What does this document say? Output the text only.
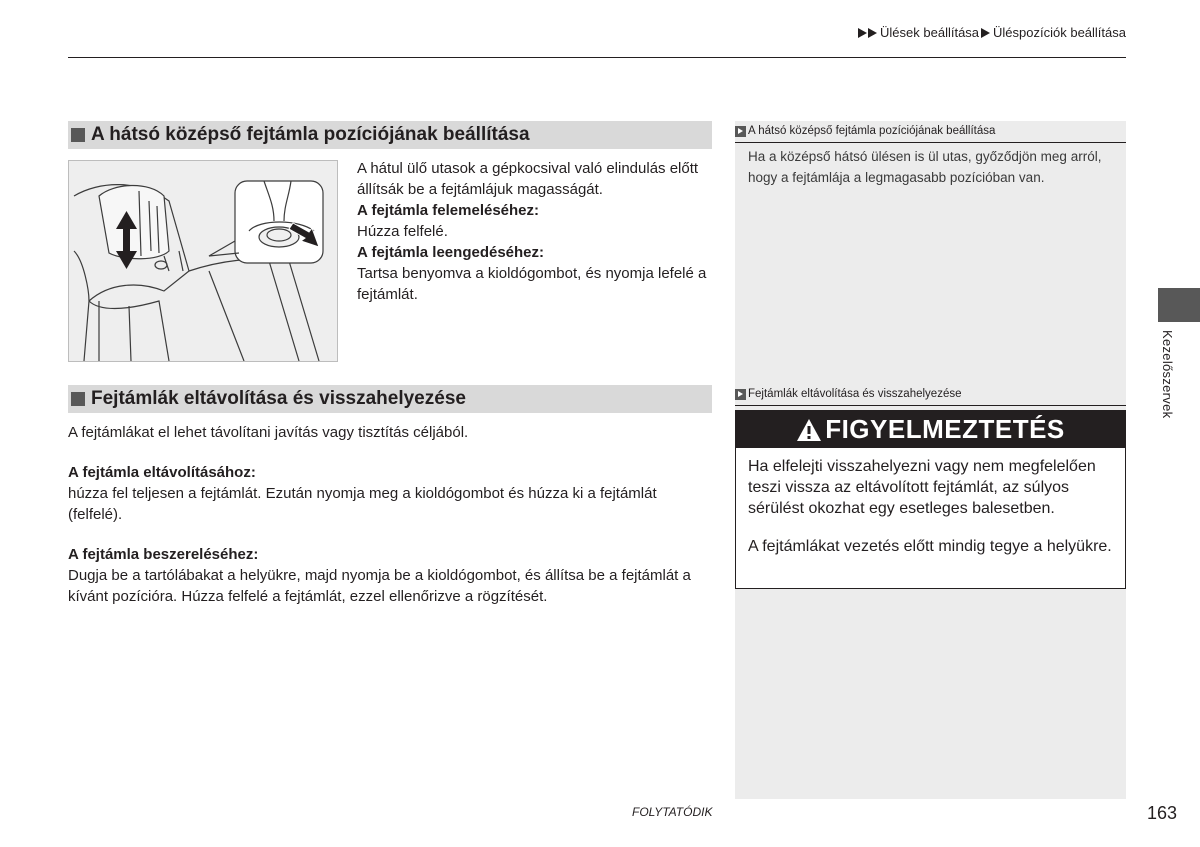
Ülések beállítása Üléspozíciók beállítása
A hátsó középső fejtámla pozíciójának beállítása

A hátul ülő utasok a gépkocsival való elindulás előtt állítsák be a fejtámlájuk magasságát.

A fejtámla felemeléséhez:

Húzza felfelé.

A fejtámla leengedéséhez:

Tartsa benyomva a kioldógombot, és nyomja lefelé a fejtámlát.

Fejtámlák eltávolítása és visszahelyezése

A fejtámlákat el lehet távolítani javítás vagy tisztítás céljából.

A fejtámla eltávolításához:

húzza fel teljesen a fejtámlát. Ezután nyomja meg a kioldógombot és húzza ki a fejtámlát (felfelé).

A fejtámla beszereléséhez:

Dugja be a tartólábakat a helyükre, majd nyomja be a kioldógombot, és állítsa be a fejtámlát a kívánt pozícióra. Húzza felfelé a fejtámlát, ezzel ellenőrizve a rögzítését.

A hátsó középső fejtámla pozíciójának beállítása
Ha a középső hátsó ülésen is ül utas, győződjön meg arról, hogy a fejtámlája a legmagasabb pozícióban van.
Fejtámlák eltávolítása és visszahelyezése
FIGYELMEZTETÉS

Ha elfelejti visszahelyezni vagy nem megfelelően teszi vissza az eltávolított fejtámlát, az súlyos sérülést okozhat egy esetleges balesetben.

A fejtámlákat vezetés előtt mindig tegye a helyükre.

Kezelőszervek
FOLYTATÓDIK	163
